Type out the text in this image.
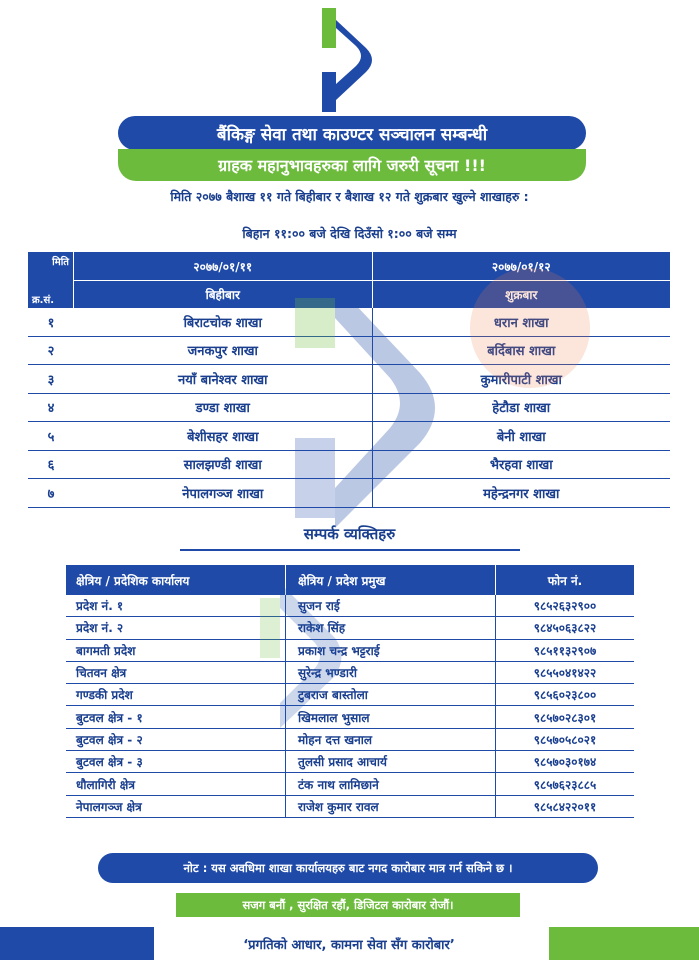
बैंकिङ्ग सेवा तथा काउण्टर सञ्चालन सम्बन्धी
ग्राहक महानुभावहरुका लागि जरुरी सूचना !!!
मिति २०७७ बैशाख ११ गते बिहीबार र बैशाख १२ गते शुक्रबार खुल्ने शाखाहरु :
बिहान ११:०० बजे देखि दिउँसो १:०० बजे सम्म
मिति	२०७७/०१/११	२०७७/०१/१२
क्र.सं.	बिहीबार	शुक्रबार
१	बिराटचोक शाखा	धरान शाखा
२	जनकपुर शाखा	बर्दिबास शाखा
३	नयाँ बानेश्वर शाखा	कुमारीपाटी शाखा
४	डण्डा शाखा	हेटौडा शाखा
५	बेशीसहर शाखा	बेनी शाखा
६	सालझण्डी शाखा	भैरहवा शाखा
७	नेपालगञ्ज शाखा	महेन्द्रनगर शाखा
सम्पर्क व्यक्तिहरु
क्षेत्रिय / प्रदेशिक कार्यालय	क्षेत्रिय / प्रदेश प्रमुख	फोन नं.
प्रदेश नं. १	सुजन राई	९८५२६३२९००
प्रदेश नं. २	राकेश सिंह	९८४५०६३८२२
बागमती प्रदेश	प्रकाश चन्द्र भट्टराई	९८५११३२९०७
चितवन क्षेत्र	सुरेन्द्र भण्डारी	९८५५०४१४२२
गण्डकी प्रदेश	टुबराज बास्तोला	९८५६०२३८००
बुटवल क्षेत्र - १	खिमलाल भुसाल	९८५७०२८३०१
बुटवल क्षेत्र - २	मोहन दत्त खनाल	९८५७०५८०२१
बुटवल क्षेत्र - ३	तुलसी प्रसाद आचार्य	९८५७०३०१७४
धौलागिरी क्षेत्र	टंक नाथ लामिछाने	९८५७६२३८८५
नेपालगञ्ज क्षेत्र	राजेश कुमार रावल	९८५८४२२०११
नोट : यस अवधिमा शाखा कार्यालयहरु बाट नगद कारोबार मात्र गर्न सकिने छ ।
सजग बनौं , सुरक्षित रहौं, डिजिटल कारोबार रोजौं।
‘प्रगतिको आधार, कामना सेवा सँग कारोबार’
